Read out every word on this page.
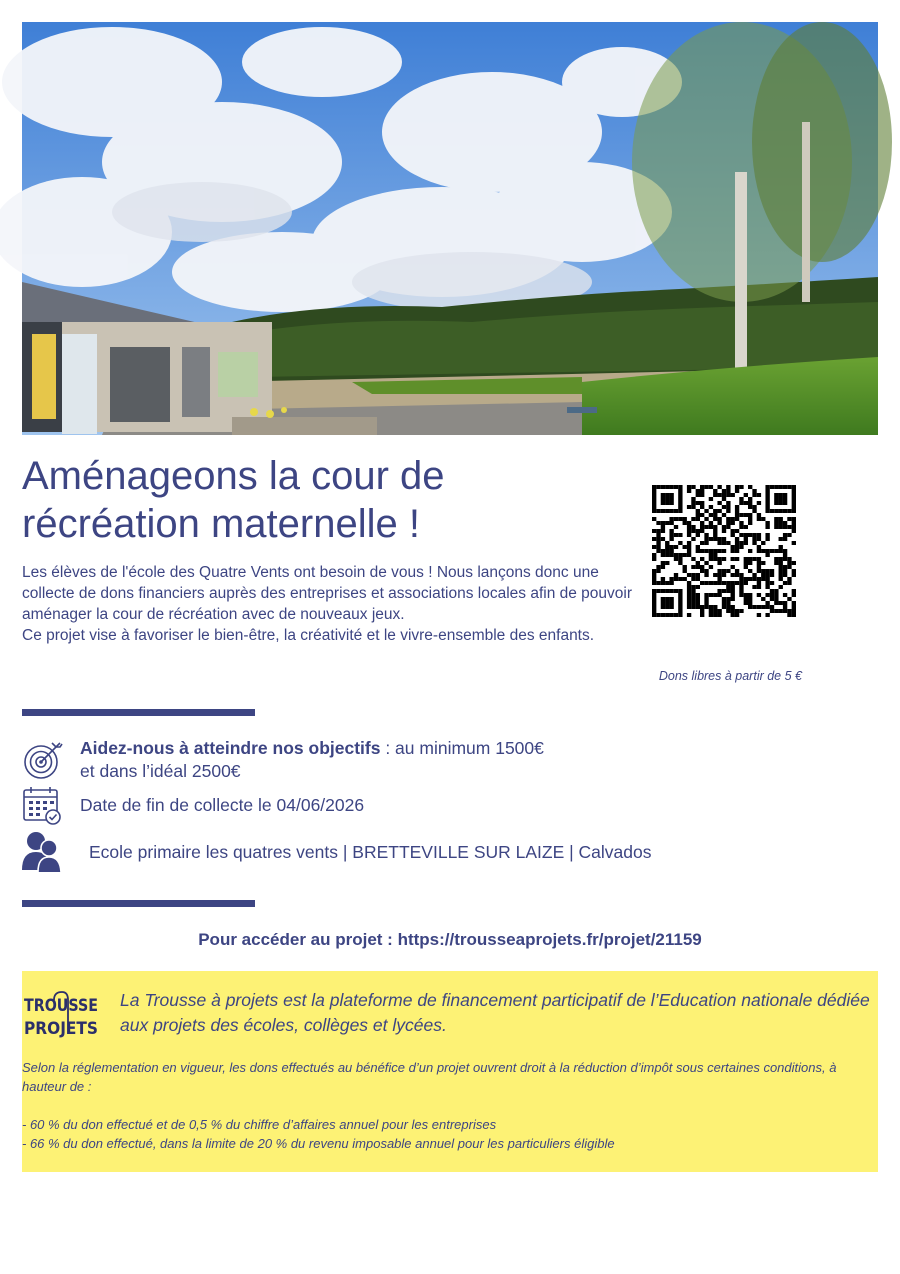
Aménageons la cour de récréation maternelle !

Les élèves de l'école des Quatre Vents ont besoin de vous ! Nous lançons donc une collecte de dons financiers auprès des entreprises et associations locales afin de pouvoir aménager la cour de récréation avec de nouveaux jeux.

Ce projet vise à favoriser le bien-être, la créativité et le vivre-ensemble des enfants.

Dons libres à partir de 5 €
Aidez-nous à atteindre nos objectifs : au minimum 1500€
et dans l’idéal 2500€
Date de fin de collecte le 04/06/2026
Ecole primaire les quatres vents | BRETTEVILLE SUR LAIZE | Calvados
Pour accéder au projet : https://trousseaprojets.fr/projet/21159
TROUSSE
PROJETS
La Trousse à projets est la plateforme de financement participatif de l’Education nationale dédiée aux projets des écoles, collèges et lycées.

Selon la réglementation en vigueur, les dons effectués au bénéfice d’un projet ouvrent droit à la réduction d’impôt sous certaines conditions, à hauteur de :

- 60 % du don effectué et de 0,5 % du chiffre d’affaires annuel pour les entreprises

- 66 % du don effectué, dans la limite de 20 % du revenu imposable annuel pour les particuliers éligible
